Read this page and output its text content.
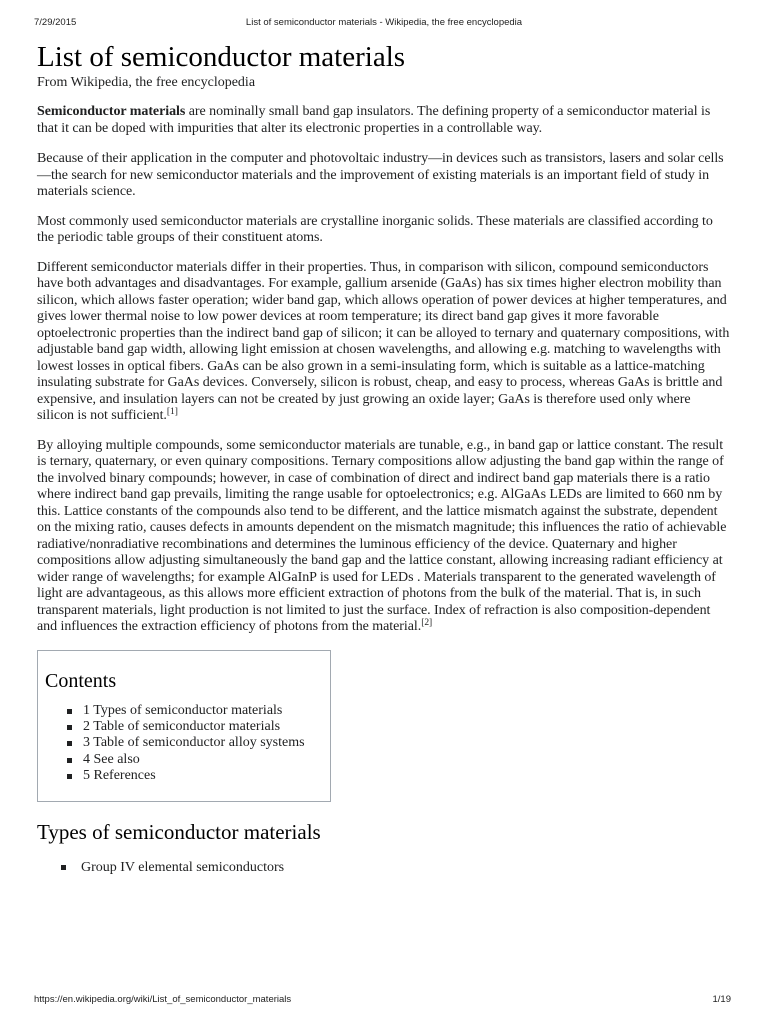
7/29/2015	List of semiconductor materials - Wikipedia, the free encyclopedia
List of semiconductor materials
From Wikipedia, the free encyclopedia

Semiconductor materials are nominally small band gap insulators. The defining property of a semiconductor material is that it can be doped with impurities that alter its electronic properties in a controllable way.

Because of their application in the computer and photovoltaic industry—in devices such as transistors, lasers and solar cells—the search for new semiconductor materials and the improvement of existing materials is an important field of study in materials science.

Most commonly used semiconductor materials are crystalline inorganic solids. These materials are classified according to the periodic table groups of their constituent atoms.

Different semiconductor materials differ in their properties. Thus, in comparison with silicon, compound semiconductors have both advantages and disadvantages. For example, gallium arsenide (GaAs) has six times higher electron mobility than silicon, which allows faster operation; wider band gap, which allows operation of power devices at higher temperatures, and gives lower thermal noise to low power devices at room temperature; its direct band gap gives it more favorable optoelectronic properties than the indirect band gap of silicon; it can be alloyed to ternary and quaternary compositions, with adjustable band gap width, allowing light emission at chosen wavelengths, and allowing e.g. matching to wavelengths with lowest losses in optical fibers. GaAs can be also grown in a semi-insulating form, which is suitable as a lattice-matching insulating substrate for GaAs devices. Conversely, silicon is robust, cheap, and easy to process, whereas GaAs is brittle and expensive, and insulation layers can not be created by just growing an oxide layer; GaAs is therefore used only where silicon is not sufficient.[1]

By alloying multiple compounds, some semiconductor materials are tunable, e.g., in band gap or lattice constant. The result is ternary, quaternary, or even quinary compositions. Ternary compositions allow adjusting the band gap within the range of the involved binary compounds; however, in case of combination of direct and indirect band gap materials there is a ratio where indirect band gap prevails, limiting the range usable for optoelectronics; e.g. AlGaAs LEDs are limited to 660 nm by this. Lattice constants of the compounds also tend to be different, and the lattice mismatch against the substrate, dependent on the mixing ratio, causes defects in amounts dependent on the mismatch magnitude; this influences the ratio of achievable radiative/nonradiative recombinations and determines the luminous efficiency of the device. Quaternary and higher compositions allow adjusting simultaneously the band gap and the lattice constant, allowing increasing radiant efficiency at wider range of wavelengths; for example AlGaInP is used for LEDs . Materials transparent to the generated wavelength of light are advantageous, as this allows more efficient extraction of photons from the bulk of the material. That is, in such transparent materials, light production is not limited to just the surface. Index of refraction is also composition-dependent and influences the extraction efficiency of photons from the material.[2]

Contents
1 Types of semiconductor materials
2 Table of semiconductor materials
3 Table of semiconductor alloy systems
4 See also
5 References
Types of semiconductor materials
Group IV elemental semiconductors
https://en.wikipedia.org/wiki/List_of_semiconductor_materials	1/19
